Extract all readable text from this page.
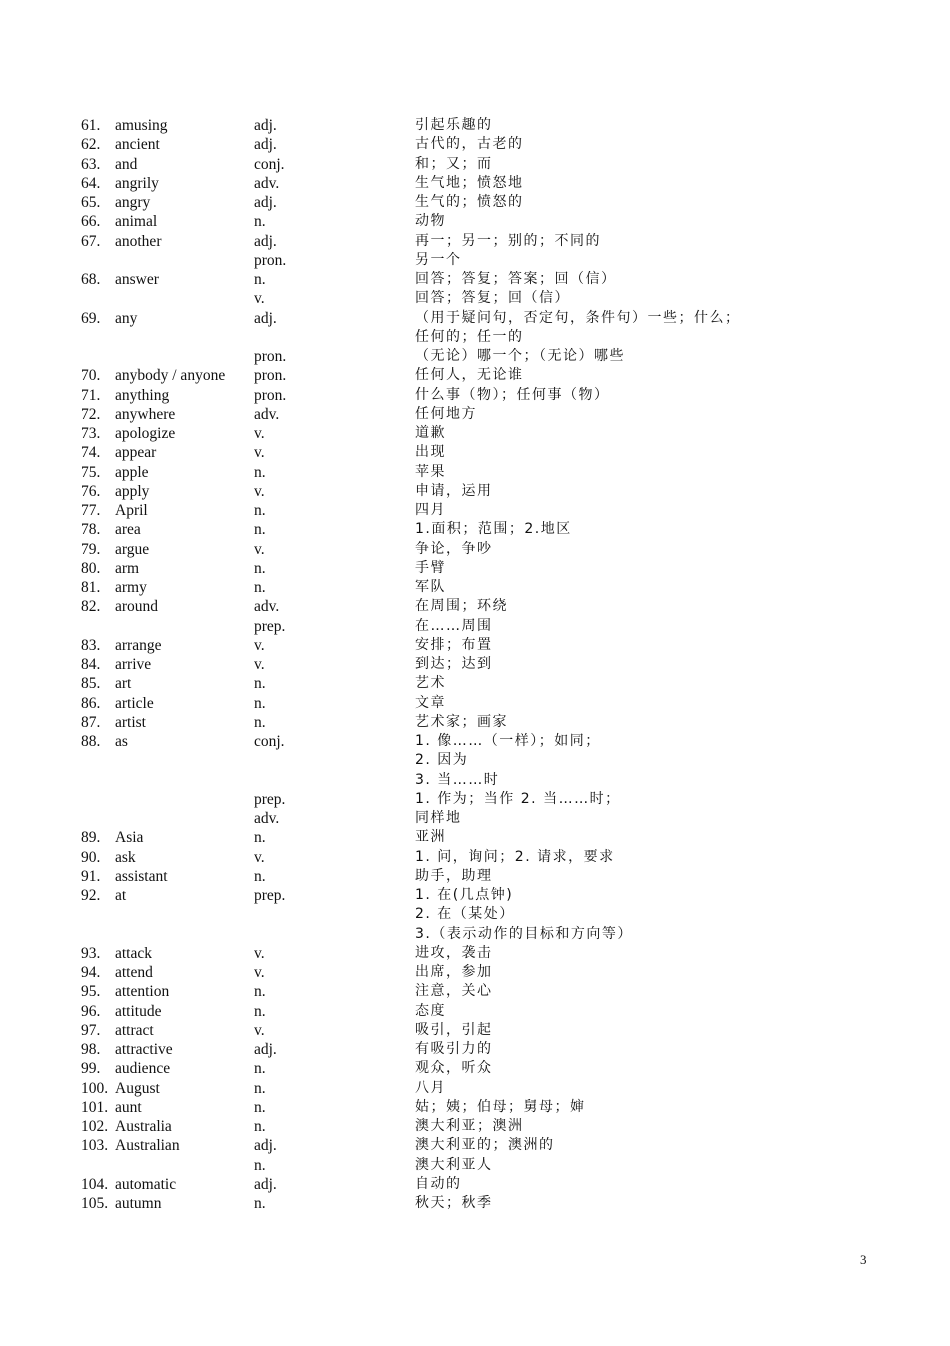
61. amusing	adj.	引起乐趣的
62. ancient	adj.	古代的，古老的
63. and	conj.	和；又；而
64. angrily	adv.	生气地；愤怒地
65. angry	adj.	生气的；愤怒的
66. animal	n.	动物
67. another	adj.	再一；另一；别的；不同的
pron.	另一个
68. answer	n.	回答；答复；答案；回（信）
v.	回答；答复；回（信）
69. any	adj.	（用于疑问句，否定句，条件句）一些；什么；
任何的；任一的
pron.	（无论）哪一个；（无论）哪些
70. anybody / anyone pron.	任何人，无论谁
71. anything	pron.	什么事（物）；任何事（物）
72. anywhere	adv.	任何地方
73. apologize	v.	道歉
74. appear	v.	出现
75. apple	n.	苹果
76. apply	v.	申请，运用
77. April	n.	四月
78. area	n.	1.面积；范围；2.地区
79. argue	v.	争论，争吵
80. arm	n.	手臂
81. army	n.	军队
82. around	adv.	在周围；环绕
prep.	在……周围
83. arrange	v.	安排；布置
84. arrive	v.	到达；达到
85. art	n.	艺术
86. article	n.	文章
87. artist	n.	艺术家；画家
88. as	conj.	1. 像……（一样）；如同；
2. 因为
3. 当……时
prep.	1. 作为；当作 2. 当……时；
adv.	同样地
89. Asia	n.	亚洲
90. ask	v.	1. 问，询问；2. 请求，要求
91. assistant	n.	助手，助理
92. at	prep.	1. 在(几点钟)
2. 在（某处）
3.（表示动作的目标和方向等）
93. attack	v.	进攻，袭击
94. attend	v.	出席，参加
95. attention	n.	注意，关心
96. attitude	n.	态度
97. attract	v.	吸引，引起
98. attractive	adj.	有吸引力的
99. audience	n.	观众，听众
100. August	n.	八月
101. aunt	n.	姑；姨；伯母；舅母；婶
102. Australia	n.	澳大利亚；澳洲
103. Australian	adj.	澳大利亚的；澳洲的
n.	澳大利亚人
104. automatic	adj.	自动的
105. autumn	n.	秋天；秋季
3
